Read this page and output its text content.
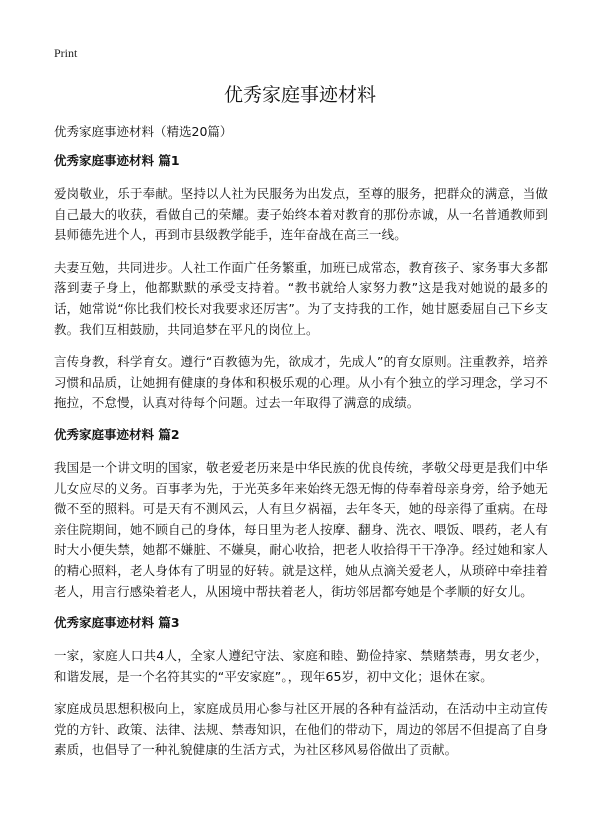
Print
优秀家庭事迹材料
优秀家庭事迹材料（精选20篇）
优秀家庭事迹材料 篇1

爱岗敬业，乐于奉献。坚持以人社为民服务为出发点，至尊的服务，把群众的满意，当做自己最大的收获，看做自己的荣耀。妻子始终本着对教育的那份赤诚，从一名普通教师到县师德先进个人，再到市县级教学能手，连年奋战在高三一线。

夫妻互勉，共同进步。人社工作面广任务繁重，加班已成常态，教育孩子、家务事大多都落到妻子身上，他都默默的承受支持着。“教书就给人家努力教”这是我对她说的最多的话，她常说“你比我们校长对我要求还厉害”。为了支持我的工作，她甘愿委屈自己下乡支教。我们互相鼓励，共同追梦在平凡的岗位上。

言传身教，科学育女。遵行“百教德为先，欲成才，先成人”的育女原则。注重教养，培养习惯和品质，让她拥有健康的身体和积极乐观的心理。从小有个独立的学习理念，学习不拖拉，不怠慢，认真对待每个问题。过去一年取得了满意的成绩。

优秀家庭事迹材料 篇2

我国是一个讲文明的国家，敬老爱老历来是中华民族的优良传统，孝敬父母更是我们中华儿女应尽的义务。百事孝为先，于光英多年来始终无怨无悔的侍奉着母亲身旁，给予她无微不至的照料。可是天有不测风云，人有旦夕祸福，去年冬天，她的母亲得了重病。在母亲住院期间，她不顾自己的身体，每日里为老人按摩、翻身、洗衣、喂饭、喂药，老人有时大小便失禁，她都不嫌脏、不嫌臭，耐心收拾，把老人收拾得干干净净。经过她和家人的精心照料，老人身体有了明显的好转。就是这样，她从点滴关爱老人，从琐碎中牵挂着老人，用言行感染着老人，从困境中帮扶着老人，街坊邻居都夸她是个孝顺的好女儿。

优秀家庭事迹材料 篇3

一家，家庭人口共4人，全家人遵纪守法、家庭和睦、勤俭持家、禁赌禁毒，男女老少，和谐发展，是一个名符其实的“平安家庭”。，现年65岁，初中文化；退休在家。

家庭成员思想积极向上，家庭成员用心参与社区开展的各种有益活动，在活动中主动宣传党的方针、政策、法律、法规、禁毒知识，在他们的带动下，周边的邻居不但提高了自身素质，也倡导了一种礼貌健康的生活方式，为社区移风易俗做出了贡献。
